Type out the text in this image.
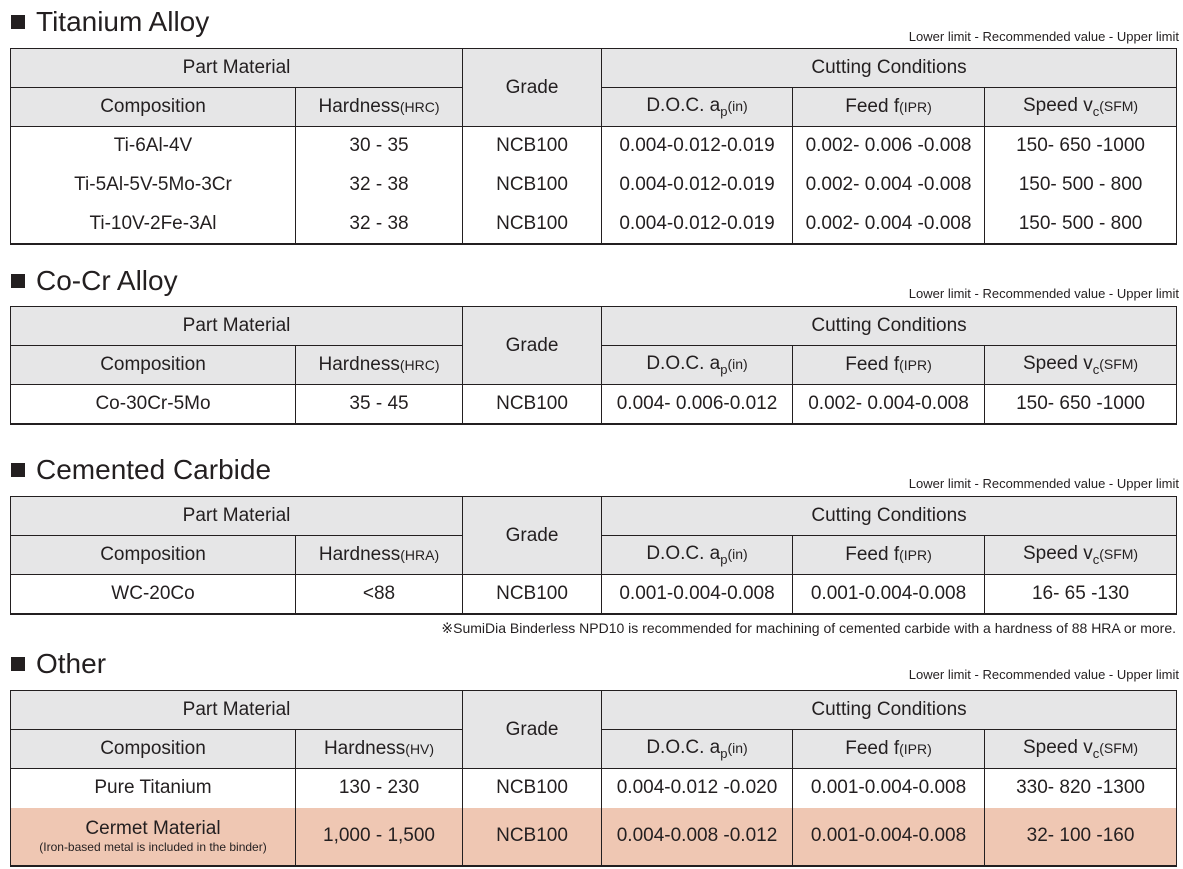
Titanium Alloy	Lower limit - Recommended value - Upper limit
Part Material		Grade	Cutting Conditions		
Composition	Hardness(HRC)		D.O.C. $a_p(in)$	Feed f(IPR)	Speed $v_c(SFM)$
Ti-6Al-4V	30 - 35	NCB100	0.004-0.012-0.019	0.002- 0.006 -0.008	150- 650 -1000
Ti-5Al-5V-5Mo-3Cr	32 - 38	NCB100	0.004-0.012-0.019	0.002- 0.004 -0.008	150- 500 - 800
Ti-10V-2Fe-3Al	32 - 38	NCB100	0.004-0.012-0.019	0.002- 0.004 -0.008	150- 500 - 800
Co-Cr Alloy	Lower limit - Recommended value - Upper limit
Part Material		Grade	Cutting Conditions		
Composition	Hardness(HRC)		D.O.C. $a_p(in)$	Feed f(IPR)	Speed $v_c(SFM)$
Co-30Cr-5Mo	35 - 45	NCB100	0.004- 0.006-0.012	0.002- 0.004-0.008	150- 650 -1000
Cemented Carbide	Lower limit - Recommended value - Upper limit
Part Material		Grade	Cutting Conditions		
Composition	Hardness(HRA)		D.O.C. $a_p(in)$	Feed f(IPR)	Speed $v_c(SFM)$
WC-20Co	<88	NCB100	0.001-0.004-0.008	0.001-0.004-0.008	16- 65 -130
※SumiDia Binderless NPD10 is recommended for machining of cemented carbide with a hardness of 88 HRA or more.
Other	Lower limit - Recommended value - Upper limit
Part Material		Grade	Cutting Conditions		
Composition	Hardness(HV)		D.O.C. $a_p(in)$	Feed f(IPR)	Speed $v_c(SFM)$
Pure Titanium	130 - 230	NCB100	0.004-0.012 -0.020	0.001-0.004-0.008	330- 820 -1300
Cermet Material
(Iron-based metal is included in the binder)	1,000 - 1,500	NCB100	0.004-0.008 -0.012	0.001-0.004-0.008	32- 100 -160
